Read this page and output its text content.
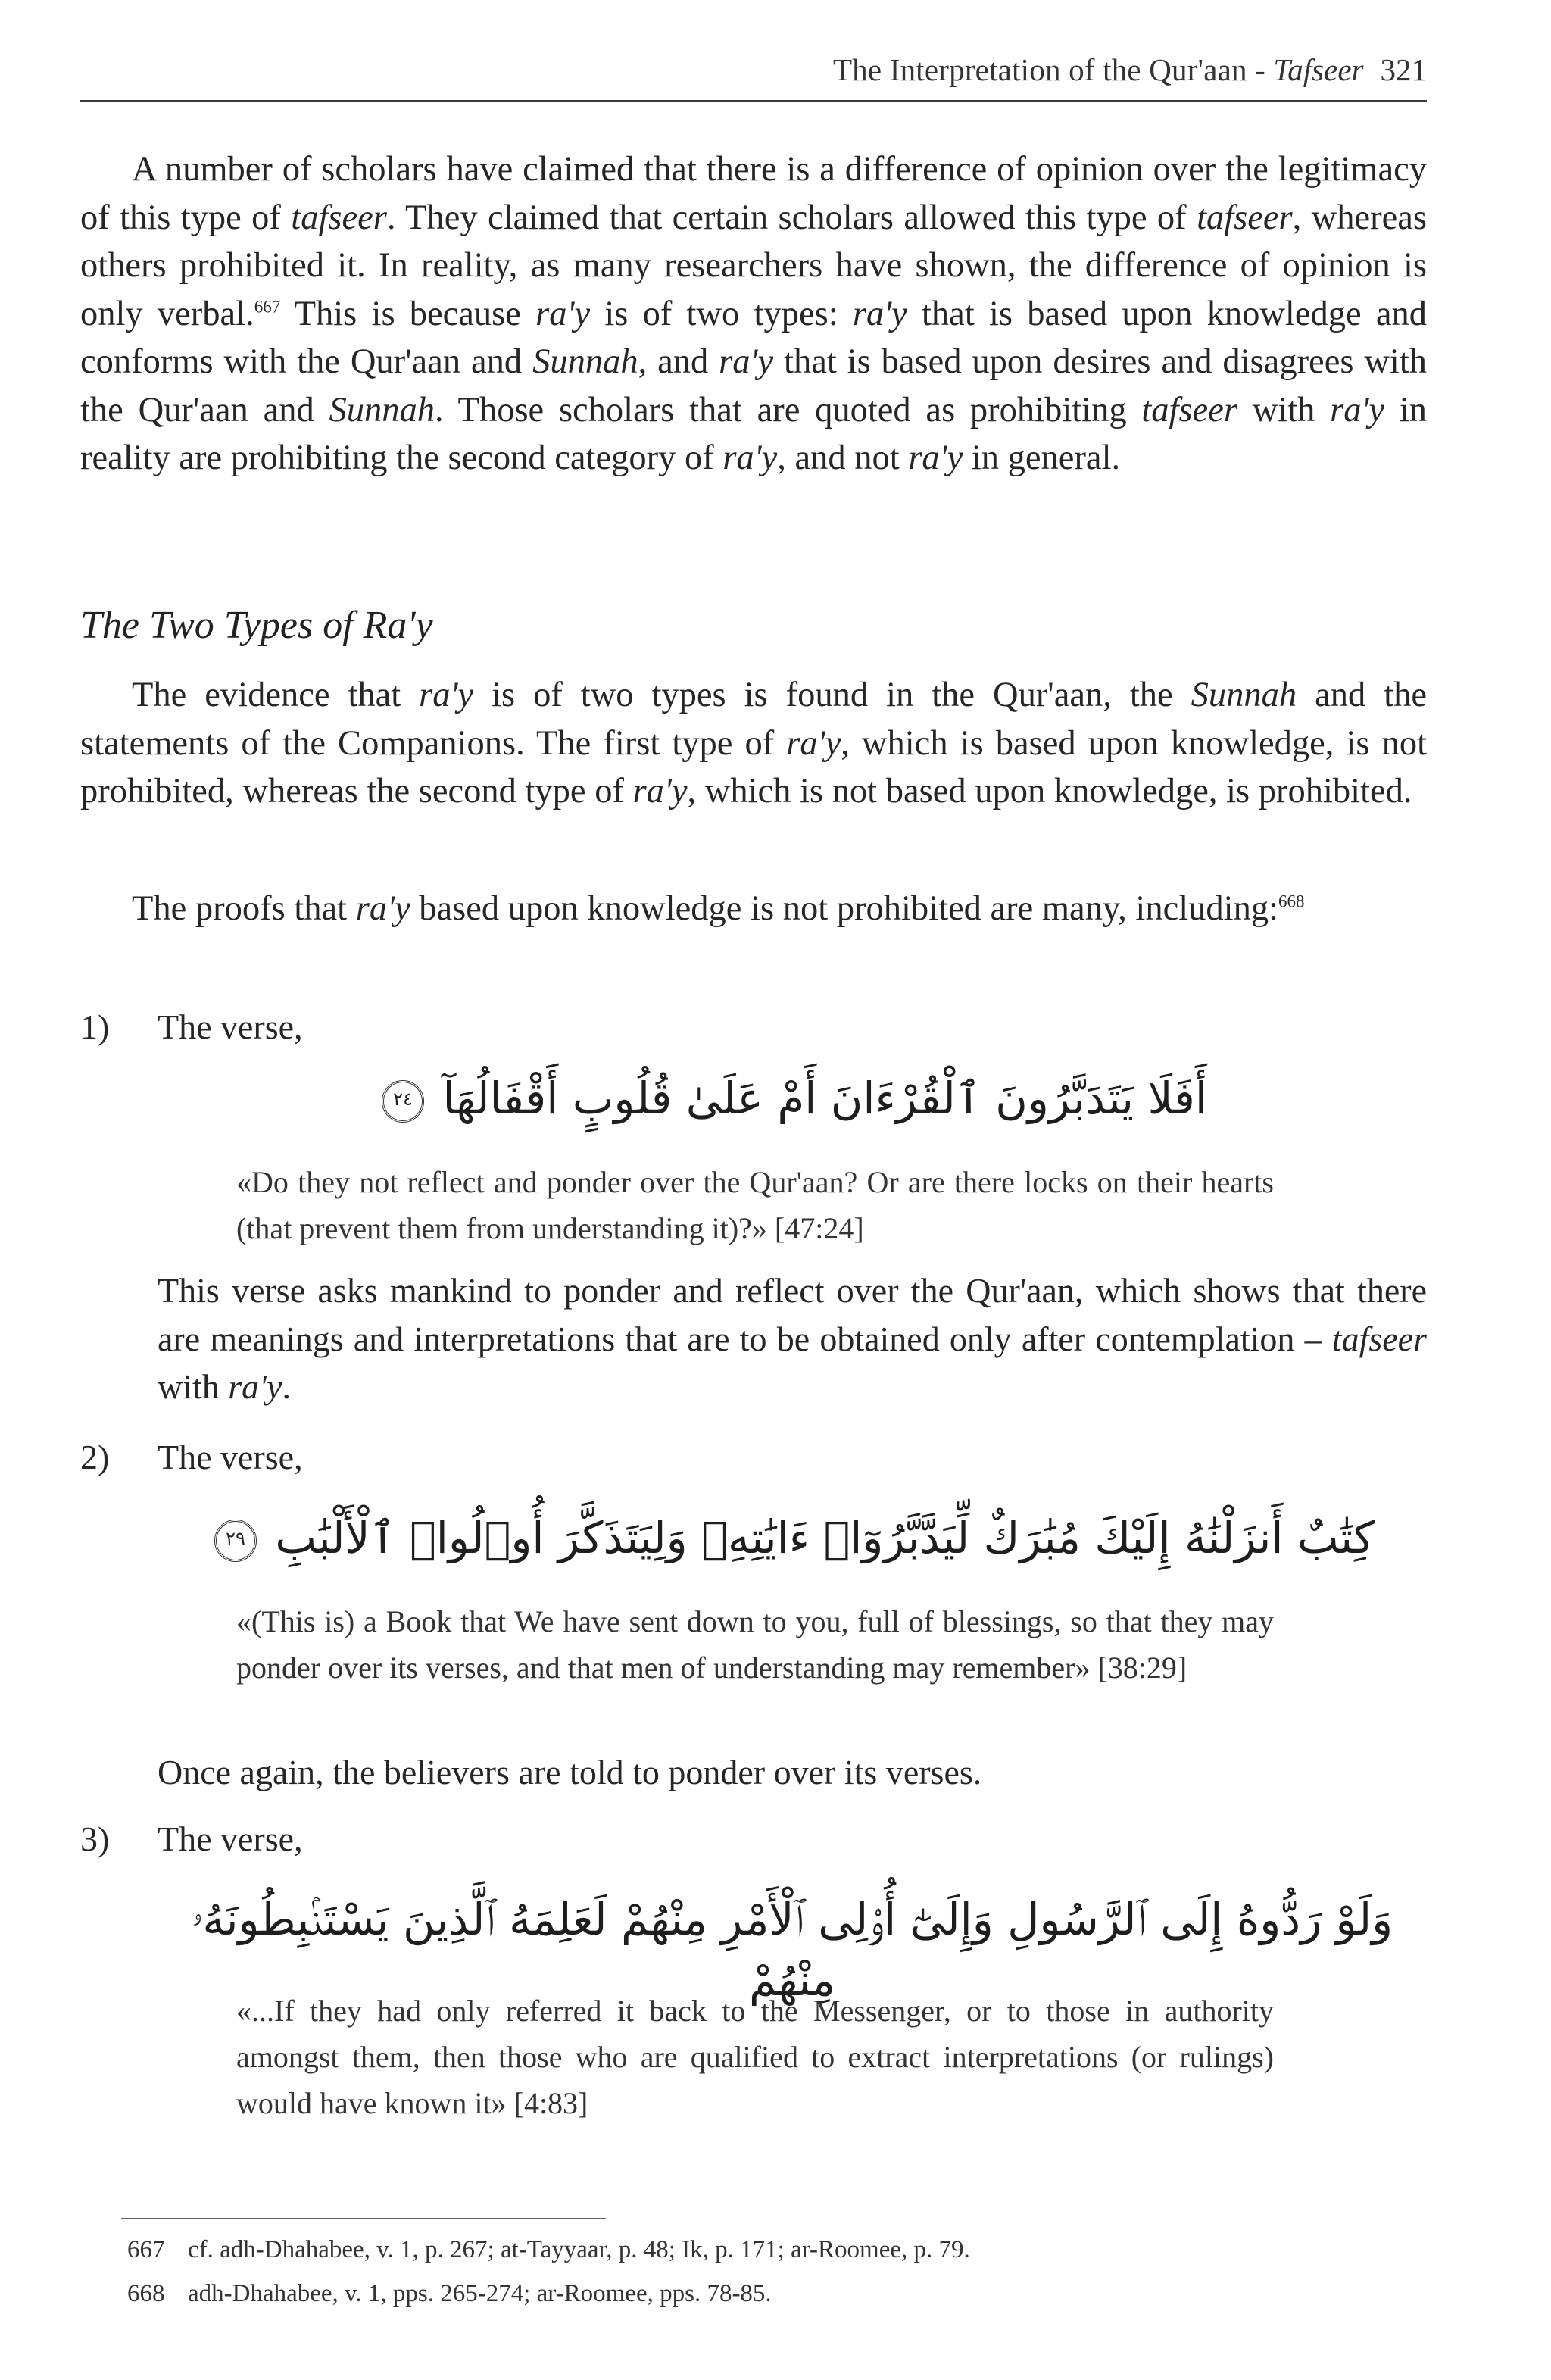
The Interpretation of the Qur'aan -
Tafseer 321

A number of scholars have claimed that there is a difference of opinion over the legitimacy of this type of tafseer. They claimed that certain scholars allowed this type of tafseer, whereas others prohibited it. In reality, as many researchers have shown, the difference of opinion is only verbal.$^{667}$ This is because ra'y is of two types: ra'y that is based upon knowledge and conforms with the Qur'aan and Sunnah, and ra'y that is based upon desires and disagrees with the Qur'aan and Sunnah. Those scholars that are quoted as prohibiting tafseer with ra'y in reality are prohibiting the second category of ra'y, and not ra'y in general.

The Two Types of Ra'y

The evidence that ra'y is of two types is found in the Qur'aan, the Sunnah and the statements of the Companions. The first type of ra'y, which is based upon knowledge, is not prohibited, whereas the second type of ra'y, which is not based upon knowledge, is prohibited.

The proofs that ra'y based upon knowledge is not prohibited are many, including:$^{668}$

1) The verse,
أَفَلَا يَتَدَبَّرُونَ ٱلْقُرْءَانَ أَمْ عَلَىٰ قُلُوبٍ أَقْفَالُهَآ ٢٤

«Do they not reflect and ponder over the Qur'aan? Or are there locks on their hearts (that prevent them from understanding it)?» [47:24]

This verse asks mankind to ponder and reflect over the Qur'aan, which shows that there are meanings and interpretations that are to be obtained only after contemplation – tafseer with ra'y.

2) The verse,
كِتَٰبٌ أَنزَلْنَٰهُ إِلَيْكَ مُبَٰرَكٌ لِّيَدَّبَّرُوٓا۟ ءَايَٰتِهِۦ وَلِيَتَذَكَّرَ أُو۟لُوا۟ ٱلْأَلْبَٰبِ ٢٩

«(This is) a Book that We have sent down to you, full of blessings, so that they may ponder over its verses, and that men of understanding may remember» [38:29]

Once again, the believers are told to ponder over its verses.

3) The verse,
وَلَوْ رَدُّوهُ إِلَى ٱلرَّسُولِ وَإِلَىٰٓ أُو۟لِى ٱلْأَمْرِ مِنْهُمْ لَعَلِمَهُ ٱلَّذِينَ يَسْتَنۢبِطُونَهُۥ مِنْهُمْ

«...If they had only referred it back to the Messenger, or to those in authority amongst them, then those who are qualified to extract interpretations (or rulings) would have known it» [4:83]

667 cf. adh-Dhahabee, v. 1, p. 267; at-Tayyaar, p. 48; Ik, p. 171; ar-Roomee, p. 79.
668 adh-Dhahabee, v. 1, pps. 265-274; ar-Roomee, pps. 78-85.
